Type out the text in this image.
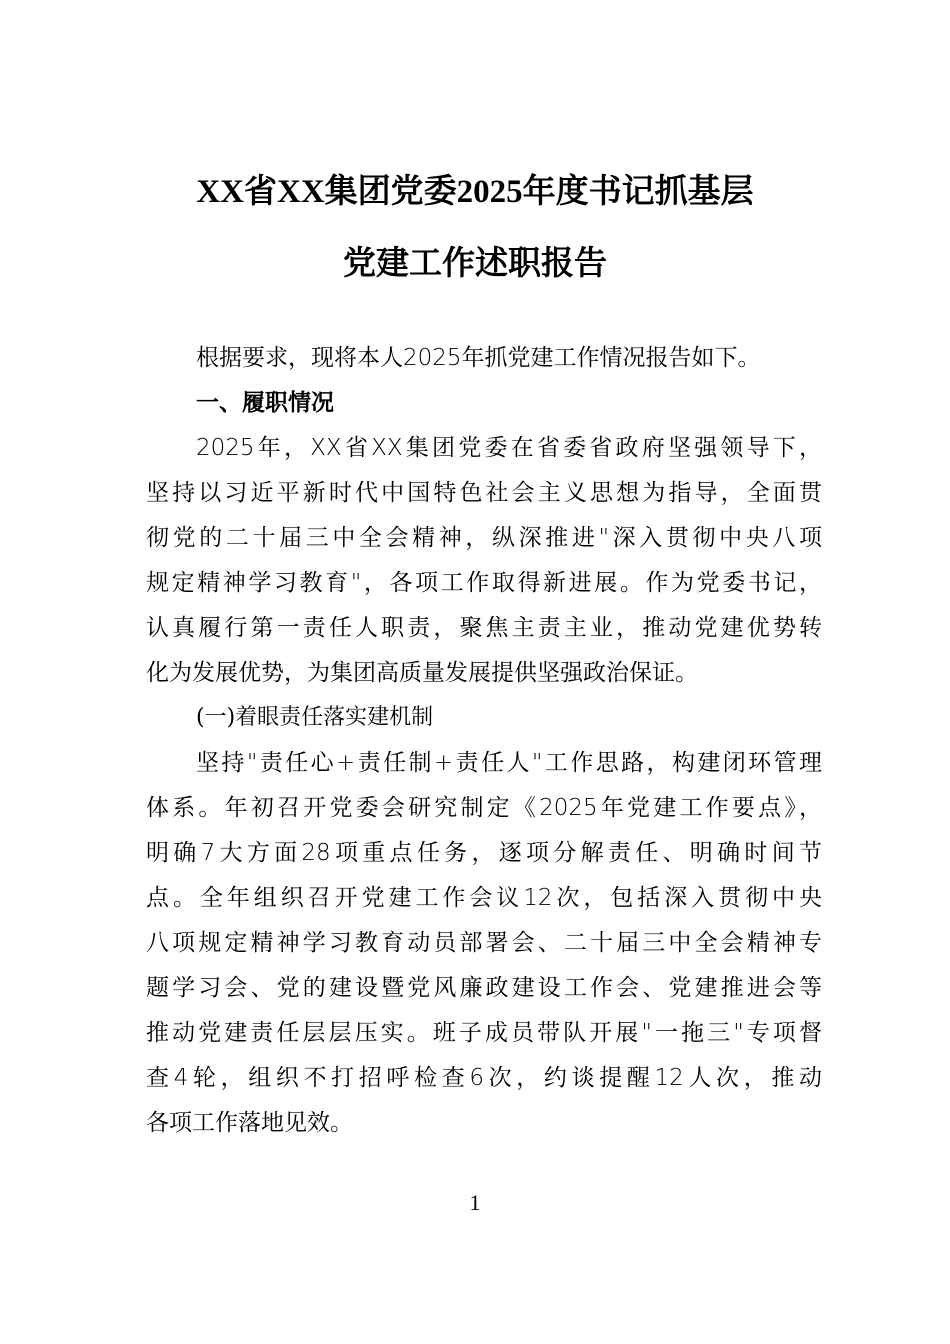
XX省XX集团党委2025年度书记抓基层
党建工作述职报告
根据要求，现将本人2025年抓党建工作情况报告如下。
一、履职情况
2025年，XX省XX集团党委在省委省政府坚强领导下，
坚持以习近平新时代中国特色社会主义思想为指导，全面贯
彻党的二十届三中全会精神，纵深推进"深入贯彻中央八项
规定精神学习教育"，各项工作取得新进展。作为党委书记，
认真履行第一责任人职责，聚焦主责主业，推动党建优势转
化为发展优势，为集团高质量发展提供坚强政治保证。
(一)着眼责任落实建机制
坚持"责任心+责任制+责任人"工作思路，构建闭环管理
体系。年初召开党委会研究制定《2025年党建工作要点》，
明确7大方面28项重点任务，逐项分解责任、明确时间节
点。全年组织召开党建工作会议12次，包括深入贯彻中央
八项规定精神学习教育动员部署会、二十届三中全会精神专
题学习会、党的建设暨党风廉政建设工作会、党建推进会等
推动党建责任层层压实。班子成员带队开展"一拖三"专项督
查4轮，组织不打招呼检查6次，约谈提醒12人次，推动
各项工作落地见效。
1
